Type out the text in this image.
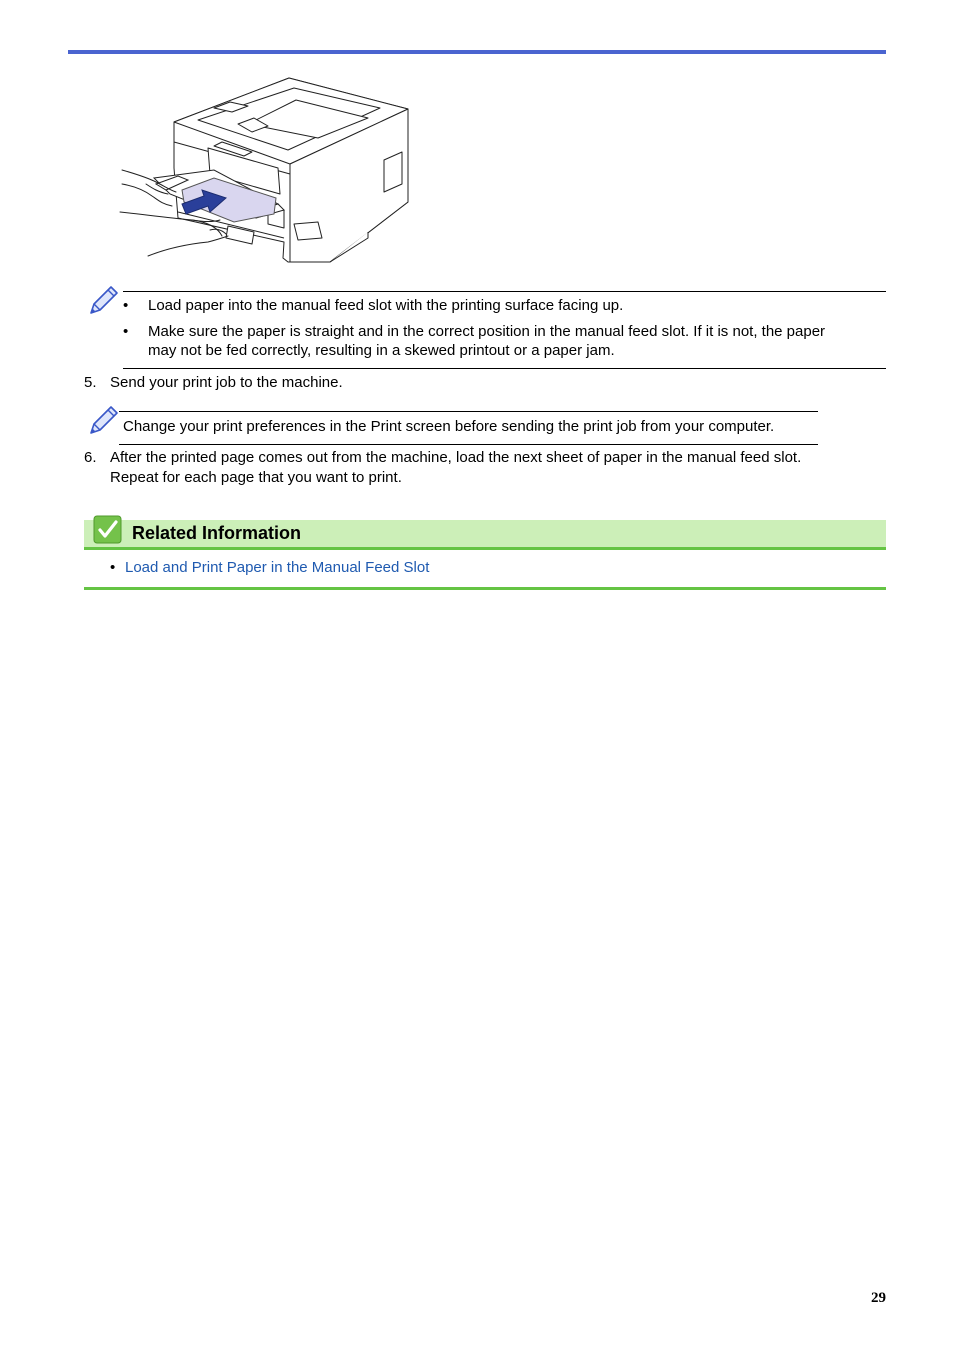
• Load paper into the manual feed slot with the printing surface facing up.
• Make sure the paper is straight and in the correct position in the manual feed slot. If it is not, the paper
may not be fed correctly, resulting in a skewed printout or a paper jam.
5. Send your print job to the machine.
Change your print preferences in the Print screen before sending the print job from your computer.
6. After the printed page comes out from the machine, load the next sheet of paper in the manual feed slot.
Repeat for each page that you want to print.
Related Information
• Load and Print Paper in the Manual Feed Slot
29
